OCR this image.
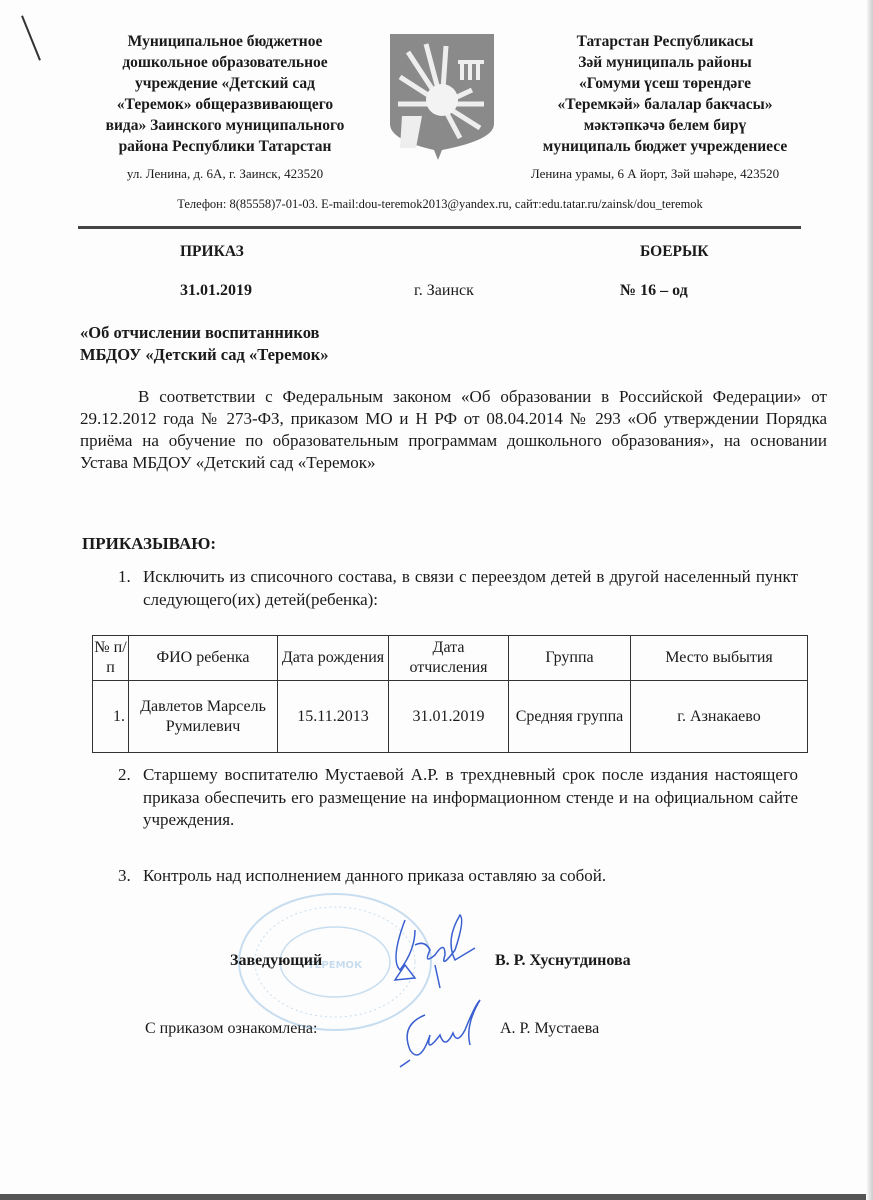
Муниципальное бюджетное
дошкольное образовательное
учреждение «Детский сад
«Теремок» общеразвивающего
вида» Заинского муниципального
района Республики Татарстан
Татарстан Республикасы
Зәй муниципаль районы
«Гомуми үсеш төрендәге
«Теремкәй» балалар бакчасы»
мәктәпкәчә белем бирү
муниципаль бюджет учреждениесе
ул. Ленина, д. 6А, г. Заинск, 423520	Ленина урамы, 6 А йорт, Зәй шәһәре, 423520
Телефон: 8(85558)7-01-03. E-mail:dou-teremok2013@yandex.ru, сайт:edu.tatar.ru/zainsk/dou_teremok
ПРИКАЗ	БОЕРЫК
31.01.2019	г. Заинск	№ 16 – од
«Об отчислении воспитанников
МБДОУ «Детский сад «Теремок»
В соответствии с Федеральным законом «Об образовании в Российской Федерации» от 29.12.2012 года № 273-ФЗ, приказом МО и Н РФ от 08.04.2014 № 293 «Об утверждении Порядка приёма на обучение по образовательным программам дошкольного образования», на основании Устава МБДОУ «Детский сад «Теремок»
ПРИКАЗЫВАЮ:
1. Исключить из списочного состава, в связи с переездом детей в другой населенный пункт следующего(их) детей(ребенка):
№ п/п	ФИО ребенка	Дата рождения	Дата отчисления	Группа	Место выбытия
1.	Давлетов Марсель Румилевич	15.11.2013	31.01.2019	Средняя группа	г. Азнакаево
2. Старшему воспитателю Мустаевой А.Р. в трехдневный срок после издания настоящего приказа обеспечить его размещение на информационном стенде и на официальном сайте учреждения.
3. Контроль над исполнением данного приказа оставляю за собой.
ТЕРЕМОК
Заведующий	В. Р. Хуснутдинова
С приказом ознакомлена:	А. Р. Мустаева
